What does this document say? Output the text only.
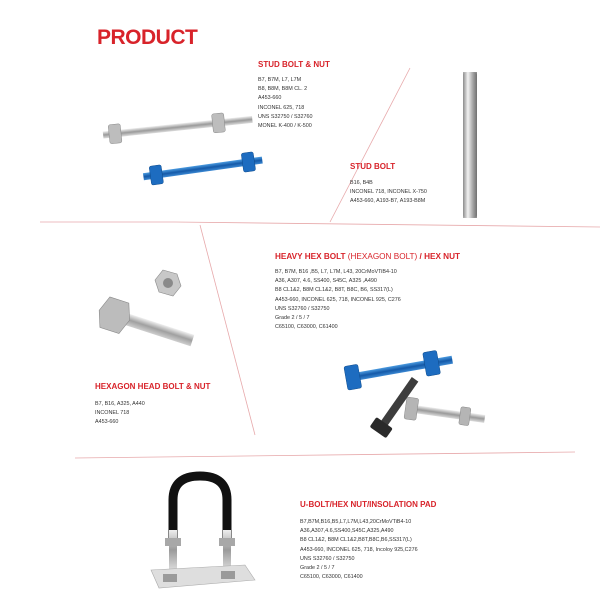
PRODUCT
STUD BOLT & NUT
B7, B7M, L7, L7M
B8, B8M, B8M CL. 2
A453-660
INCONEL 625, 718
UNS S32750 / S32760
MONEL K-400 / K-500
STUD BOLT
B16, B4B
INCONEL 718, INCONEL X-750
A453-660, A193-B7, A193-B8M
HEAVY HEX BOLT (HEXAGON BOLT) / HEX NUT
B7, B7M, B16 ,B5, L7, L7M, L43, 20CrMoVTiB4-10
A36, A307, 4.6, SS400, S45C, A325 ,A490
B8 CL1&2, B8M CL1&2, B8T, B8C, B6, SS317(L)
A453-660, INCONEL 625, 718, INCONEL 925, C276
UNS S32760 / S32750
Grade 2 / 5 / 7
C65100, C63000, C61400
HEXAGON HEAD BOLT & NUT
B7, B16, A325, A440
INCONEL 718
A453-660
U-BOLT/HEX NUT/INSOLATION PAD
B7,B7M,B16,B5,L7,L7M,L43,20CrMoVTiB4-10
A36,A307,4.6,SS400,S45C,A325,A490
B8 CL1&2, B8M CL1&2,B8T,B8C,B6,SS317(L)
A453-660, INCONEL 625, 718, Incoloy 925,C276
UNS S32760 / S32750
Grade 2 / 5 / 7
C65100, C63000, C61400
